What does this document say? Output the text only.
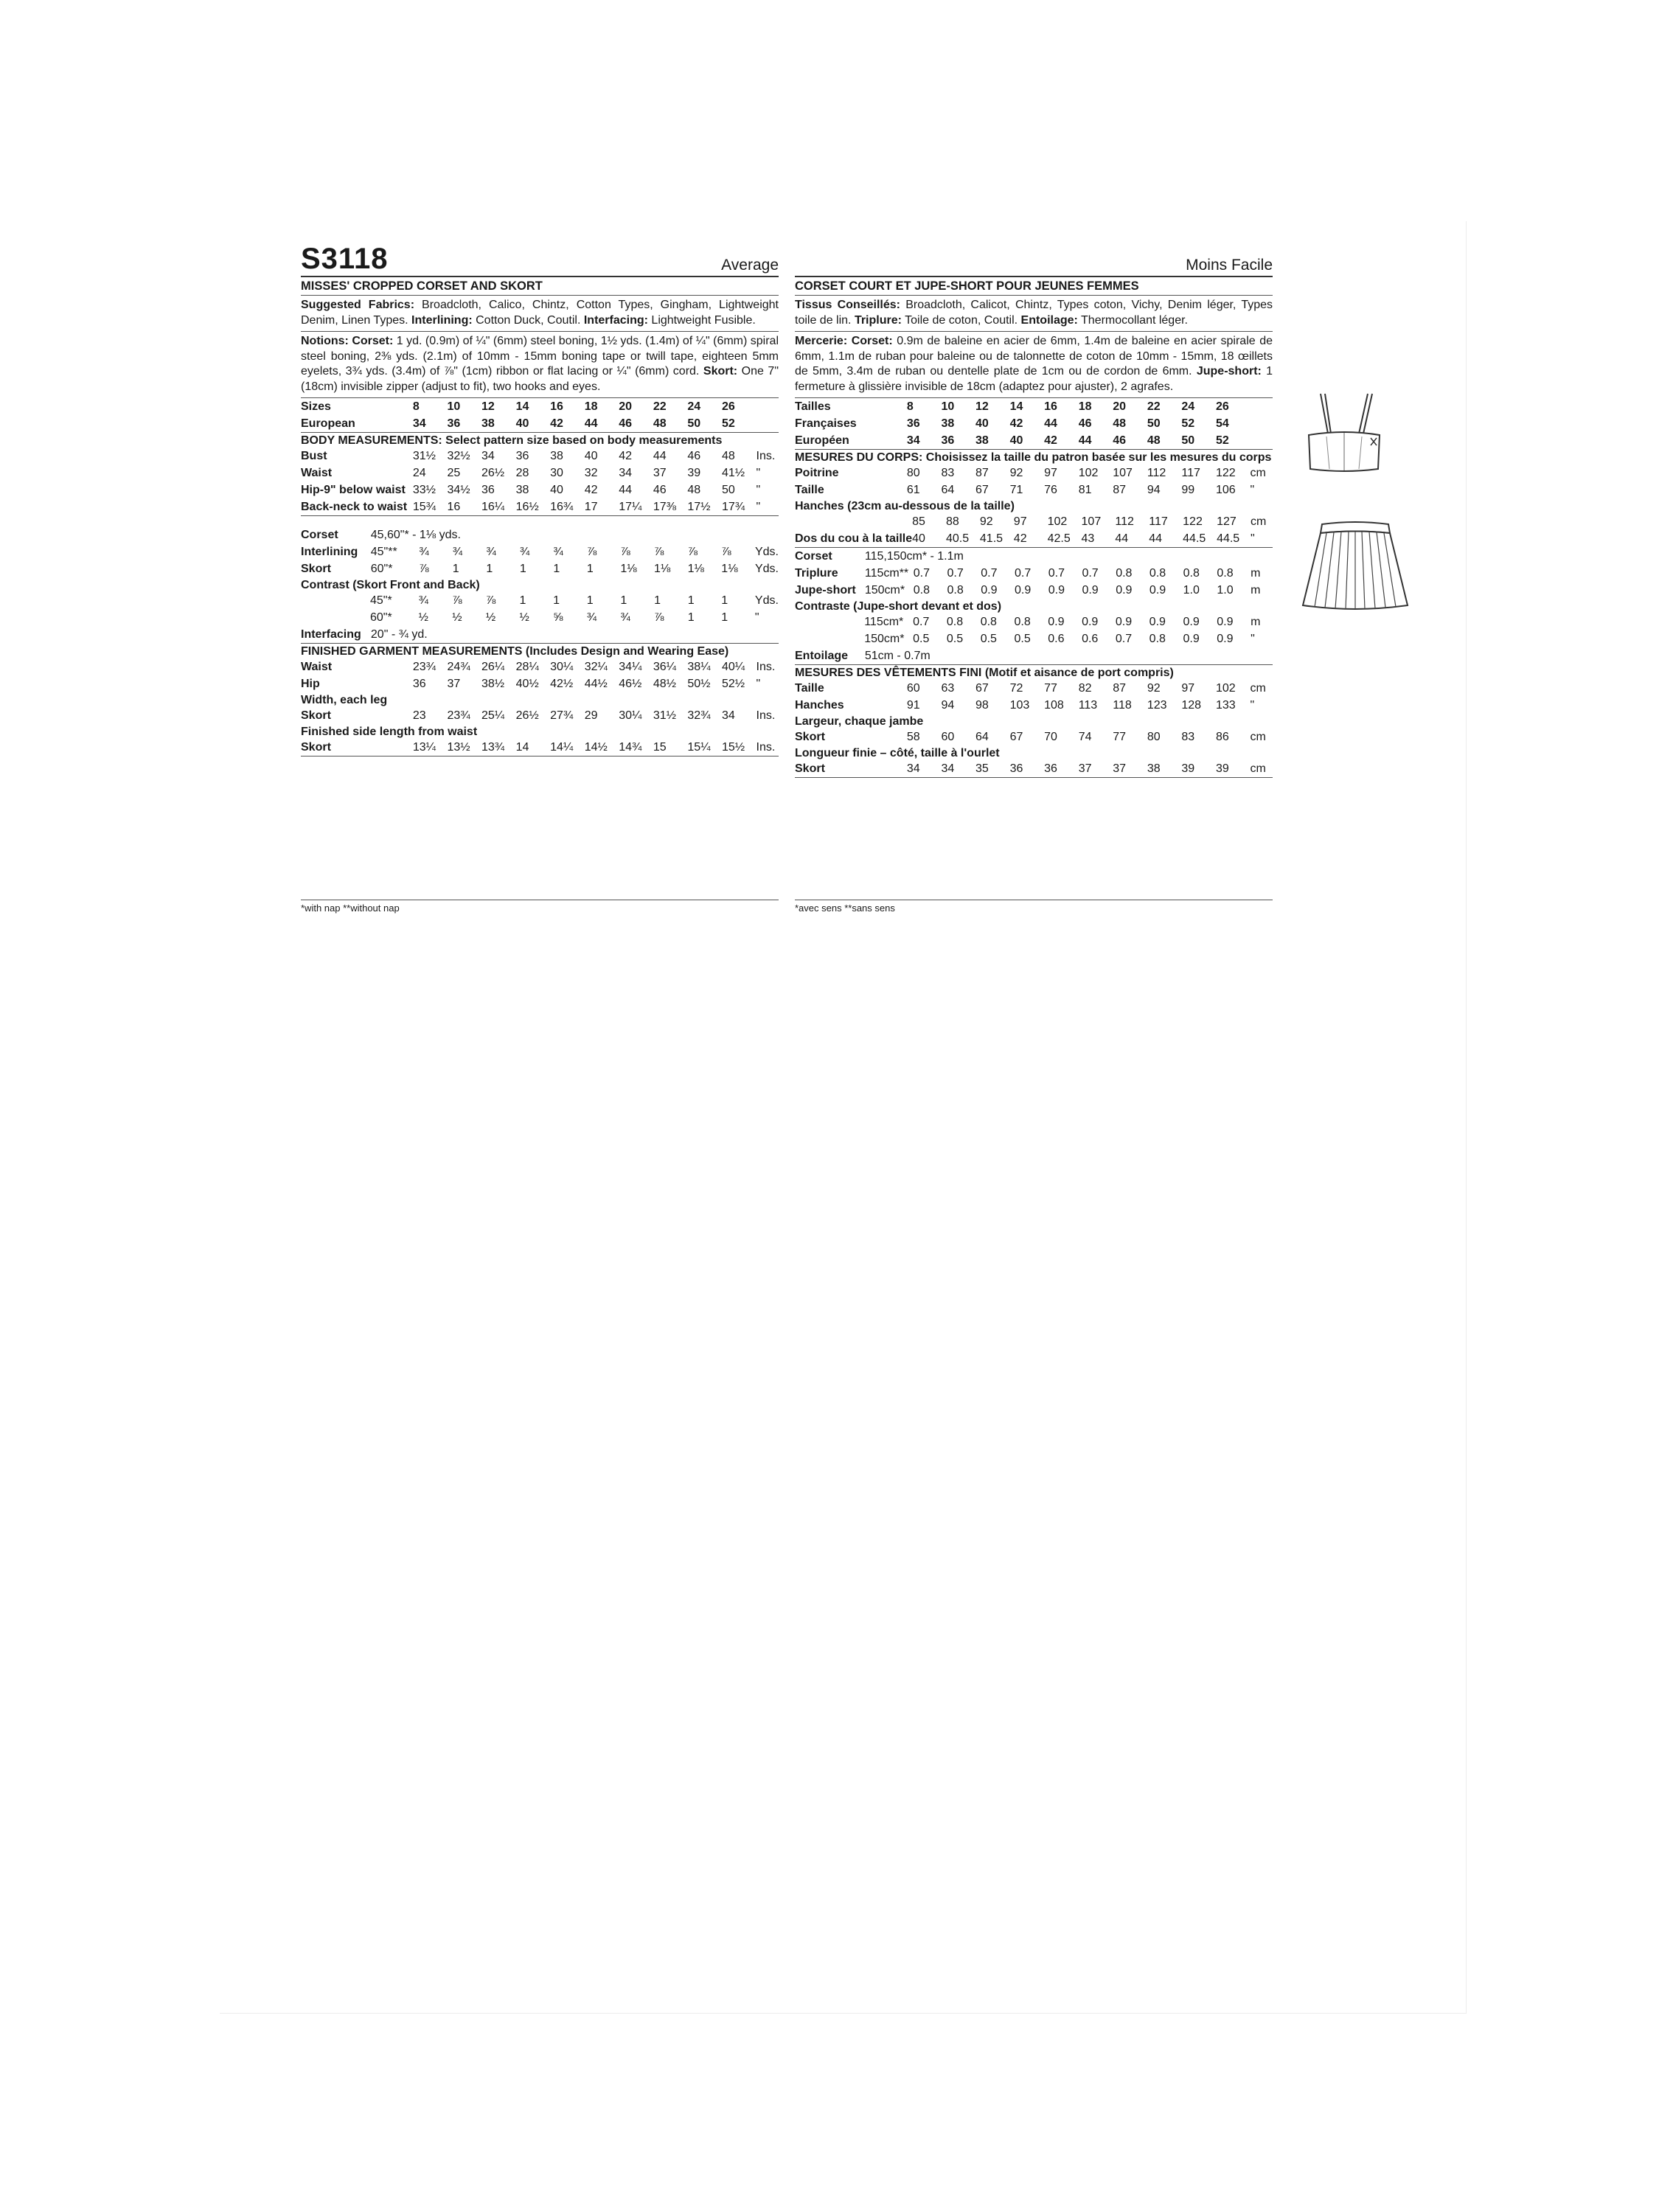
S3118	Average
MISSES' CROPPED CORSET AND SKORT
Suggested Fabrics: Broadcloth, Calico, Chintz, Cotton Types, Gingham, Lightweight Denim, Linen Types. Interlining: Cotton Duck, Coutil. Interfacing: Lightweight Fusible.
Notions: Corset: 1 yd. (0.9m) of ¼" (6mm) steel boning, 1½ yds. (1.4m) of ¼" (6mm) spiral steel boning, 2⅜ yds. (2.1m) of 10mm - 15mm boning tape or twill tape, eighteen 5mm eyelets, 3¾ yds. (3.4m) of ⅞" (1cm) ribbon or flat lacing or ¼" (6mm) cord. Skort: One 7" (18cm) invisible zipper (adjust to fit), two hooks and eyes.
Sizes	8	10	12	14	16	18	20	22	24	26	
European	34	36	38	40	42	44	46	48	50	52	
BODY MEASUREMENTS: Select pattern size based on body measurements
Bust	31½	32½	34	36	38	40	42	44	46	48	Ins.
Waist	24	25	26½	28	30	32	34	37	39	41½	"
Hip-9" below waist	33½	34½	36	38	40	42	44	46	48	50	"
Back-neck to waist	15¾	16	16¼	16½	16¾	17	17¼	17⅜	17½	17¾	"
Corset	45,60"* - 1⅛ yds.											
Interlining	45"**	¾	¾	¾	¾	¾	⅞	⅞	⅞	⅞	⅞	Yds.
Skort	60"*	⅞	1	1	1	1	1	1⅛	1⅛	1⅛	1⅛	Yds.
Contrast (Skort Front and Back)
	45"*	¾	⅞	⅞	1	1	1	1	1	1	1	Yds.
	60"*	½	½	½	½	⅝	¾	¾	⅞	1	1	"
Interfacing	20" - ¾ yd.
FINISHED GARMENT MEASUREMENTS (Includes Design and Wearing Ease)
Waist	23¾	24¾	26¼	28¼	30¼	32¼	34¼	36¼	38¼	40¼	Ins.
Hip	36	37	38½	40½	42½	44½	46½	48½	50½	52½	"
Width, each leg
Skort	23	23¾	25¼	26½	27¾	29	30¼	31½	32¾	34	Ins.
Finished side length from waist
Skort	13¼	13½	13¾	14	14¼	14½	14¾	15	15¼	15½	Ins.
Moins Facile
CORSET COURT ET JUPE-SHORT POUR JEUNES FEMMES
Tissus Conseillés: Broadcloth, Calicot, Chintz, Types coton, Vichy, Denim léger, Types toile de lin. Triplure: Toile de coton, Coutil. Entoilage: Thermocollant léger.
Mercerie: Corset: 0.9m de baleine en acier de 6mm, 1.4m de baleine en acier spirale de 6mm, 1.1m de ruban pour baleine ou de talonnette de coton de 10mm - 15mm, 18 œillets de 5mm, 3.4m de ruban ou dentelle plate de 1cm ou de cordon de 6mm. Jupe-short: 1 fermeture à glissière invisible de 18cm (adaptez pour ajuster), 2 agrafes.
Tailles	8	10	12	14	16	18	20	22	24	26	
Françaises	36	38	40	42	44	46	48	50	52	54	
Européen	34	36	38	40	42	44	46	48	50	52	
MESURES DU CORPS: Choisissez la taille du patron basée sur les mesures du corps
Poitrine	80	83	87	92	97	102	107	112	117	122	cm
Taille	61	64	67	71	76	81	87	94	99	106	"
Hanches (23cm au-dessous de la taille)
	85	88	92	97	102	107	112	117	122	127	cm
Dos du cou à la taille	40	40.5	41.5	42	42.5	43	44	44	44.5	44.5	"
Corset	115,150cm* - 1.1m											
Triplure	115cm**	0.7	0.7	0.7	0.7	0.7	0.7	0.8	0.8	0.8	0.8	m
Jupe-short	150cm*	0.8	0.8	0.9	0.9	0.9	0.9	0.9	0.9	1.0	1.0	m
Contraste (Jupe-short devant et dos)
	115cm*	0.7	0.8	0.8	0.8	0.9	0.9	0.9	0.9	0.9	0.9	m
	150cm*	0.5	0.5	0.5	0.5	0.6	0.6	0.7	0.8	0.9	0.9	"
Entoilage	51cm - 0.7m
MESURES DES VÊTEMENTS FINI (Motif et aisance de port compris)
Taille	60	63	67	72	77	82	87	92	97	102	cm
Hanches	91	94	98	103	108	113	118	123	128	133	"
Largeur, chaque jambe
Skort	58	60	64	67	70	74	77	80	83	86	cm
Longueur finie – côté, taille à l'ourlet
Skort	34	34	35	36	36	37	37	38	39	39	cm
*with nap **without nap	*avec sens **sans sens
